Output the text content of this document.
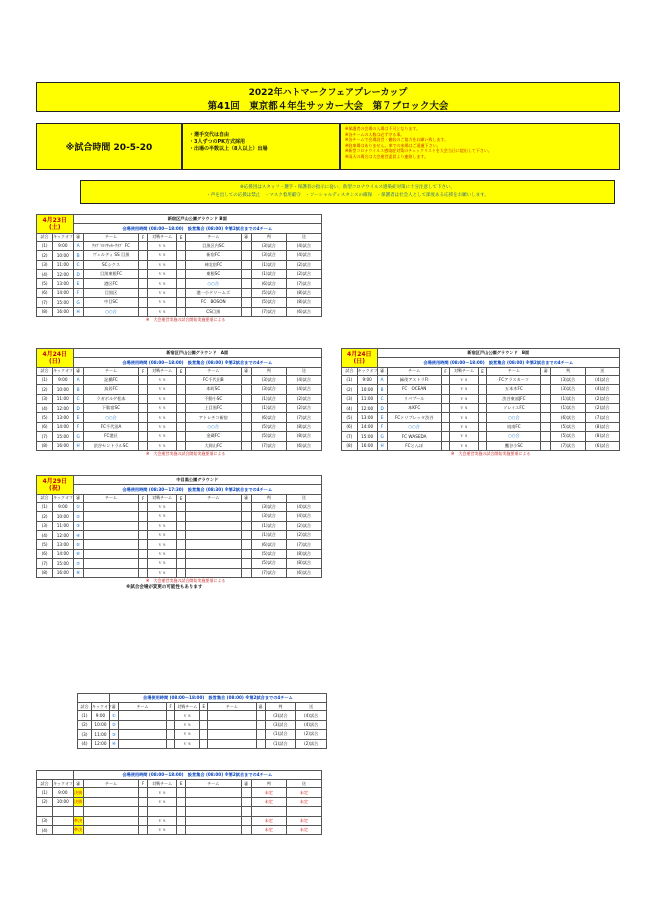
2022年ハトマークフェアプレーカップ
第41回　東京都４年生サッカー大会　第７ブロック大会
※試合時間 20-5-20
・選手交代は自由
・3人ずつのPK方式採用
・出場の半数以上（8人以上）出場
※保護者の会場の入場は不可となります。
※各チームの人数は必ず守る事。
※各チームで会場設営・撤収のご協力をお願い致します。
※駐車場はありません。車での来場はご遠慮下さい。
※新型コロナウイルス感染症対策のチェックリストを大会当日に提出して下さい。
※雨天の場合は大会運営委員より連絡します。
※応援団はスタッフ・選手・保護者の指示に従い、新型コロナウイルス感染症対策に十分注意して下さい。
・声を出しての応援は禁止　・マスク着用厳守　・ソーシャルディスタンスの確保　・保護者は社会人として節度ある応援をお願いします。
4月23日
(土)		新宿区戸山公園グラウンド B面								
		会場使用時間 (08:00～18:00)　設営集合 (08:00) ※第2試合までの4チーム								
試合	キックオフ	審	チーム	F	対戦チーム	E	チーム	審	判	送
(1)	9:00	A	ｸﾗﾌﾞｿﾙｿｻｯｶｰｸﾗﾌﾞ FC		ｖｓ		目黒区内SC		(3)試合	(4)試合
(2)	10:00	B	ヴェルディ SS 目黒		ｖｓ		新宿FC		(3)試合	(4)試合
(3)	11:00	C	SCシクス		ｖｓ		神北宿FC		(1)試合	(2)試合
(4)	12:00	D	目黒東根FC		ｖｓ		東根SC		(1)試合	(2)試合
(5)	13:00	E	港区FC		ｖｓ		○○合		(6)試合	(7)試合
(6)	14:00	F	目黒区		ｖｓ		港一小ドリームズ		(5)試合	(8)試合
(7)	15:00	G	中目SC		ｖｓ		FC　BOSON		(5)試合	(8)試合
(8)	16:00	H	○○合		ｖｓ		CS目黒		(7)試合	(6)試合
※　大会運営実施の試合開始実施要項による
4月24日
(日)		新宿区戸山公園グラウンド　A面								
		会場使用時間 (08:00～18:00)　設営集合 (08:00) ※第2試合までの4チーム								
試合	キックオフ	審	チーム	F	対戦チーム	E	チーム	審	判	送
(1)	9:00	A	淀橋FC		ｖｓ		FC千代田B		(3)試合	(4)試合
(2)	10:00	B	鳥居FC		ｖｓ		本町SC		(3)試合	(4)試合
(3)	11:00	C	ラガボルゲ松本		ｖｓ		不動小SC		(1)試合	(2)試合
(4)	12:00	D	下駄宿SC		ｖｓ		上目黒FC		(1)試合	(2)試合
(5)	13:00	E	○○合		ｖｓ		アトレチコ新宿		(6)試合	(7)試合
(6)	14:00	F	FC千代田A		ｖｓ		○○合		(5)試合	(8)試合
(7)	15:00	G	FC港区		ｖｓ		金蔵FC		(5)試合	(8)試合
(8)	16:00	H	渋谷セントラルSC		ｖｓ		大岡山FC		(7)試合	(6)試合
※　大会運営実施の試合開始実施要項による
4月24日
(日)		新宿区戸山公園グラウンド　B面								
		会場使用時間 (08:00～18:00)　設営集合 (08:00) ※第2試合までの4チーム								
試合	キックオフ	審	チーム	F	対戦チーム	E	チーム	審	判	送
(1)	9:00	A	緑茂アストラFI		ｖｓ		FCアラスカーフ		(3)試合	(4)試合
(2)	10:00	B	FC　OCEAN		ｖｓ		五本木FC		(3)試合	(4)試合
(3)	11:00	C	リバプール		ｖｓ		渋谷東部JFC		(1)試合	(2)試合
(4)	12:00	D	本KFC		ｖｓ		ソレイユFC		(1)試合	(2)試合
(5)	13:00	E	FCトリプレッタ渋谷		ｖｓ		○○合		(6)試合	(7)試合
(6)	14:00	F	○○合		ｖｓ		扇南FC		(5)試合	(8)試合
(7)	15:00	G	FC WASEDA		ｖｓ		○○合		(5)試合	(8)試合
(8)	16:00	H	FCとんぼ		ｖｓ		鷹谷小SC		(7)試合	(6)試合
※　大会運営実施の試合開始実施要項による
4月29日
(祝)		中目黒公園グラウンド								
		会場使用時間 (08:30～17:30)　設営集合 (08:30) ※第2試合までの4チーム								
試合	キックオフ	審	チーム	F	対戦チーム	E	チーム	審	判	送
(1)	9:00	①			ｖｓ				(3)試合	(4)試合
(2)	10:00	②			ｖｓ				(3)試合	(4)試合
(3)	11:00	③			ｖｓ				(1)試合	(2)試合
(4)	12:00	④			ｖｓ				(1)試合	(2)試合
(5)	13:00	⑤			ｖｓ				(6)試合	(7)試合
(6)	14:00	⑥			ｖｓ				(5)試合	(8)試合
(7)	15:00	⑦			ｖｓ				(5)試合	(8)試合
(8)	16:00	⑧			ｖｓ				(7)試合	(6)試合
※　大会運営実施の試合開始実施要項による
※試合会場が変更の可能性もあります
		会場使用時間 (08:00～18:00)　設営集合 (08:00) ※第2試合までの4チーム								
試合	キックオフ	審	チーム	F	対戦チーム	E	チーム	審	判	送
(1)	9:00	①			ｖｓ				(3)試合	(4)試合
(2)	10:00	②			ｖｓ				(3)試合	(4)試合
(3)	11:00	③			ｖｓ				(1)試合	(2)試合
(4)	12:00	④			ｖｓ				(1)試合	(2)試合
		会場使用時間 (08:00～18:00)　設営集合 (08:00) ※第2試合までの4チーム								
試合	キックオフ	審	チーム	F	対戦チーム	E	チーム	審	判	送
(1)	9:00	決勝			ｖｓ				未定	未定
(2)	10:00	決勝			ｖｓ				未定	未定

(3)		準決			ｖｓ				未定	未定
(4)		準決			ｖｓ				未定	未定
